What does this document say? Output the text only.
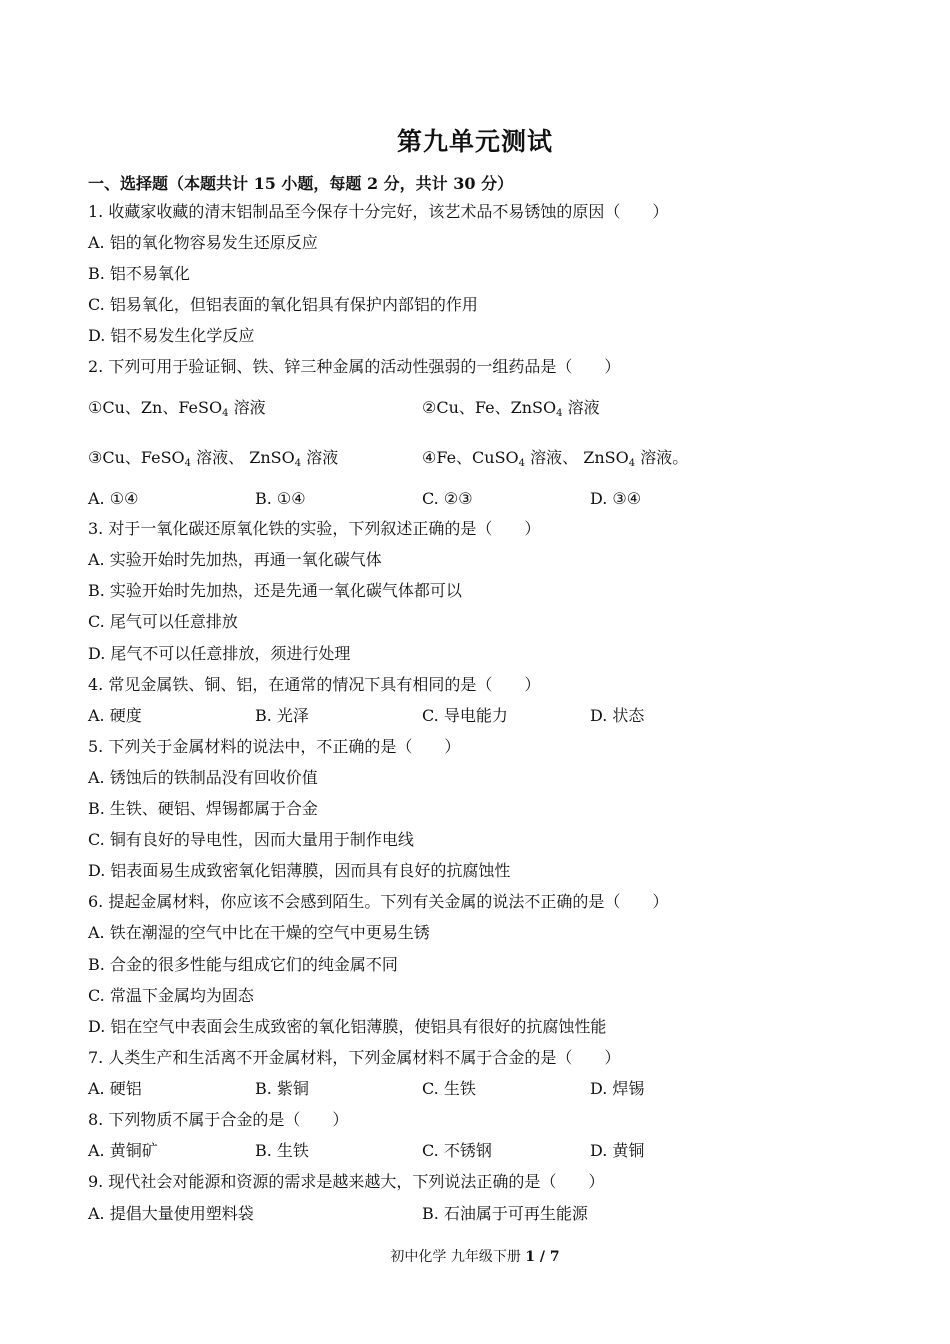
第九单元测试
一、选择题（本题共计 15 小题，每题 2 分，共计 30 分）
1. 收藏家收藏的清末铝制品至今保存十分完好，该艺术品不易锈蚀的原因（　　）
A. 铝的氧化物容易发生还原反应
B. 铝不易氧化
C. 铝易氧化，但铝表面的氧化铝具有保护内部铝的作用
D. 铝不易发生化学反应
2. 下列可用于验证铜、铁、锌三种金属的活动性强弱的一组药品是（　　）
①Cu、Zn、FeSO$_4$ 溶液	②Cu、Fe、ZnSO$_4$ 溶液
③Cu、FeSO$_4$ 溶液、 ZnSO$_4$ 溶液	④Fe、CuSO$_4$ 溶液、 ZnSO$_4$ 溶液。
A. ①④	B. ①④	C. ②③	D. ③④
3. 对于一氧化碳还原氧化铁的实验，下列叙述正确的是（　　）
A. 实验开始时先加热，再通一氧化碳气体
B. 实验开始时先加热，还是先通一氧化碳气体都可以
C. 尾气可以任意排放
D. 尾气不可以任意排放，须进行处理
4. 常见金属铁、铜、铝，在通常的情况下具有相同的是（　　）
A. 硬度	B. 光泽	C. 导电能力	D. 状态
5. 下列关于金属材料的说法中，不正确的是（　　）
A. 锈蚀后的铁制品没有回收价值
B. 生铁、硬铝、焊锡都属于合金
C. 铜有良好的导电性，因而大量用于制作电线
D. 铝表面易生成致密氧化铝薄膜，因而具有良好的抗腐蚀性
6. 提起金属材料，你应该不会感到陌生。下列有关金属的说法不正确的是（　　）
A. 铁在潮湿的空气中比在干燥的空气中更易生锈
B. 合金的很多性能与组成它们的纯金属不同
C. 常温下金属均为固态
D. 铝在空气中表面会生成致密的氧化铝薄膜，使铝具有很好的抗腐蚀性能
7. 人类生产和生活离不开金属材料，下列金属材料不属于合金的是（　　）
A. 硬铝	B. 紫铜	C. 生铁	D. 焊锡
8. 下列物质不属于合金的是（　　）
A. 黄铜矿	B. 生铁	C. 不锈钢	D. 黄铜
9. 现代社会对能源和资源的需求是越来越大，下列说法正确的是（　　）
A. 提倡大量使用塑料袋	B. 石油属于可再生能源
初中化学 九年级下册 1 / 7
